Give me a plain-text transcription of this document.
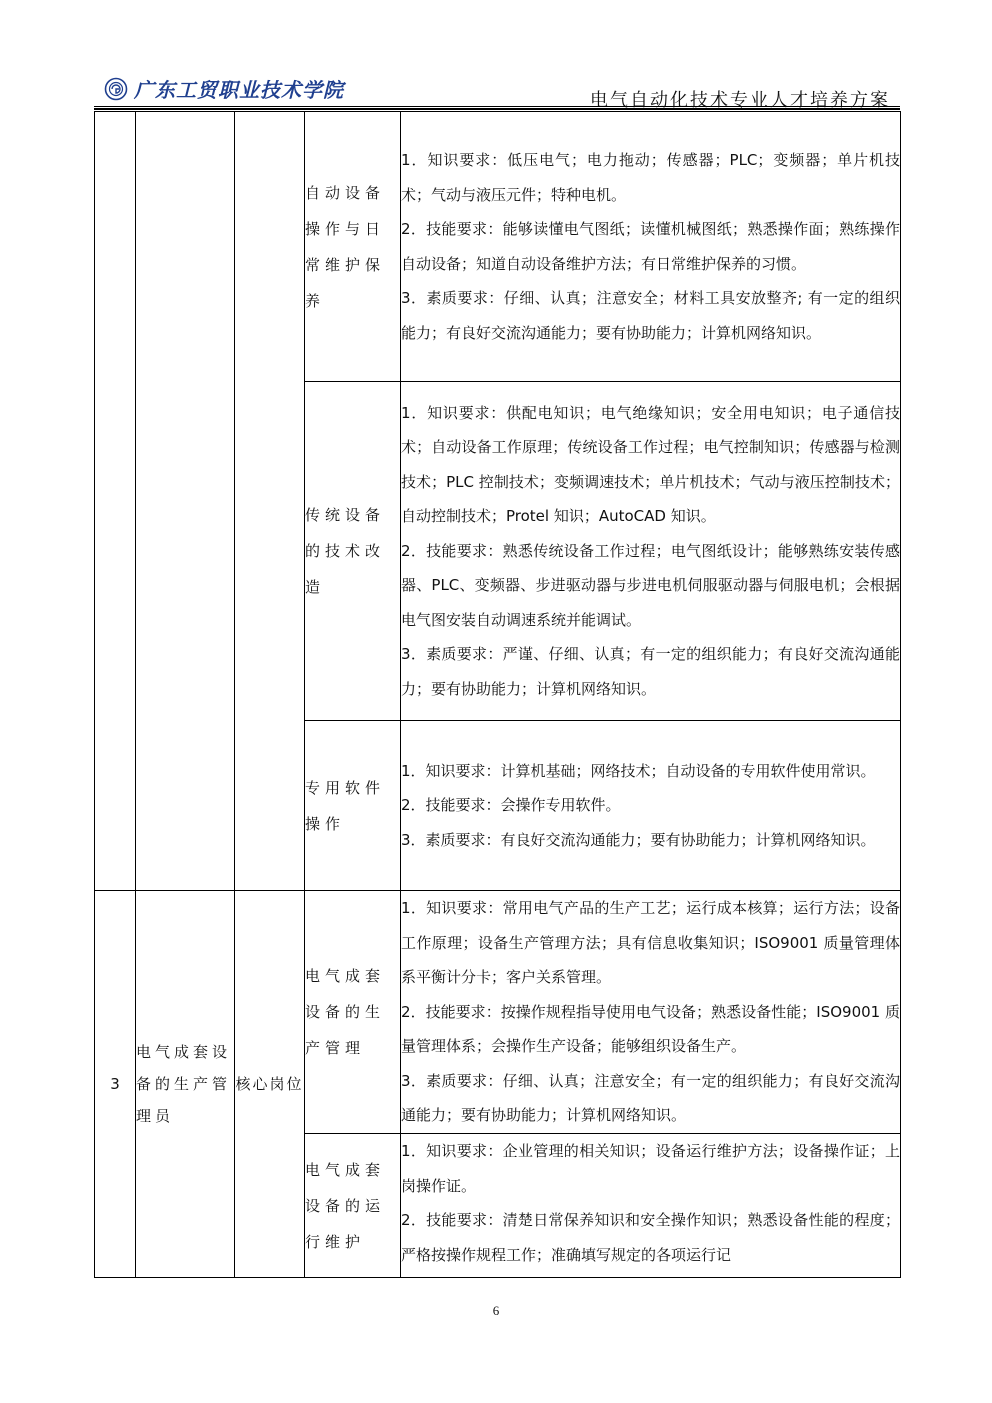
广东工贸职业技术学院	电气自动化技术专业人才培养方案
			自动设备操作与日常维护保养	1．知识要求：低压电气；电力拖动；传感器；PLC；变频器；单片机技术；气动与液压元件；特种电机。
2．技能要求：能够读懂电气图纸；读懂机械图纸；熟悉操作面；熟练操作自动设备；知道自动设备维护方法；有日常维护保养的习惯。
3．素质要求：仔细、认真；注意安全；材料工具安放整齐; 有一定的组织能力；有良好交流沟通能力；要有协助能力；计算机网络知识。

			传统设备的技术改造	1．知识要求：供配电知识；电气绝缘知识；安全用电知识；电子通信技术；自动设备工作原理；传统设备工作过程；电气控制知识；传感器与检测技术；PLC 控制技术；变频调速技术；单片机技术；气动与液压控制技术；自动控制技术；Protel 知识；AutoCAD 知识。
2．技能要求：熟悉传统设备工作过程；电气图纸设计；能够熟练安装传感器、PLC、变频器、步进驱动器与步进电机伺服驱动器与伺服电机；会根据电气图安装自动调速系统并能调试。
3．素质要求：严谨、仔细、认真；有一定的组织能力；有良好交流沟通能力；要有协助能力；计算机网络知识。

			专用软件操作	1．知识要求：计算机基础；网络技术；自动设备的专用软件使用常识。
2．技能要求：会操作专用软件。
3．素质要求：有良好交流沟通能力；要有协助能力；计算机网络知识。

3	电气成套设备的生产管理员	核心岗位	电气成套设备的生产管理	1．知识要求：常用电气产品的生产工艺；运行成本核算；运行方法；设备工作原理；设备生产管理方法；具有信息收集知识；ISO9001 质量管理体系平衡计分卡；客户关系管理。
2．技能要求：按操作规程指导使用电气设备；熟悉设备性能；ISO9001 质量管理体系；会操作生产设备；能够组织设备生产。
3．素质要求：仔细、认真；注意安全；有一定的组织能力；有良好交流沟通能力；要有协助能力；计算机网络知识。

			电气成套设备的运行维护	1．知识要求：企业管理的相关知识；设备运行维护方法；设备操作证；上岗操作证。
2．技能要求：清楚日常保养知识和安全操作知识；熟悉设备性能的程度；严格按操作规程工作；准确填写规定的各项运行记
6
